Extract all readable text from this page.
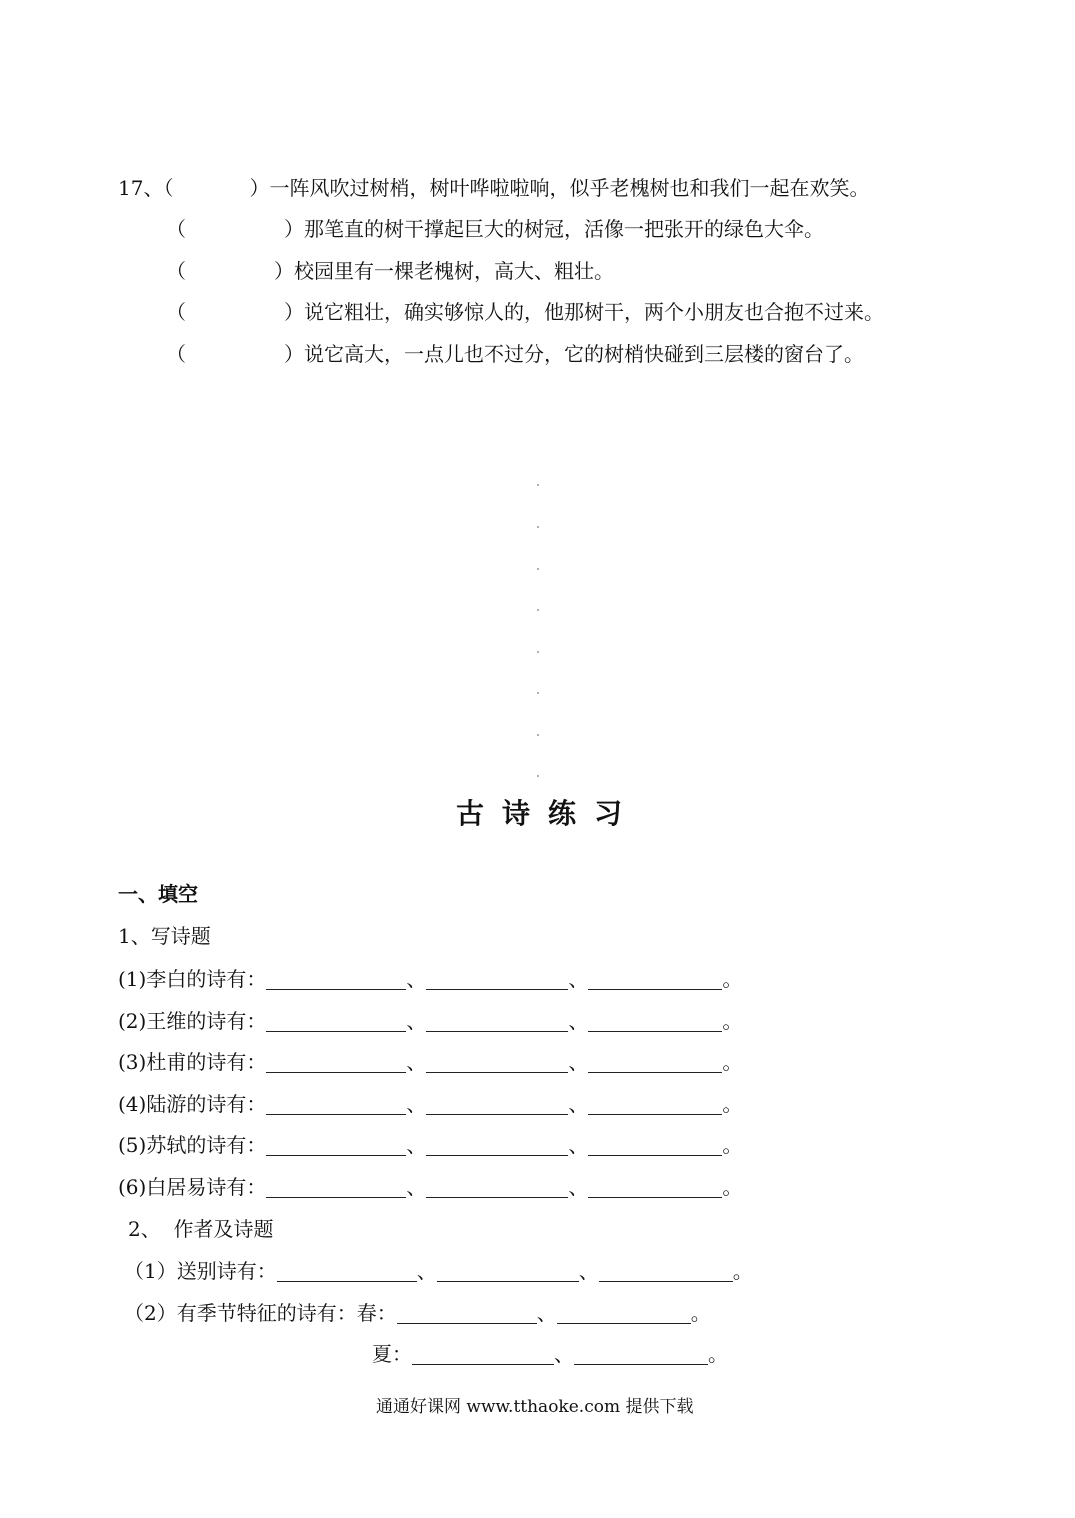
17、（	）一阵风吹过树梢，树叶哗啦啦响，似乎老槐树也和我们一起在欢笑。
（	）那笔直的树干撑起巨大的树冠，活像一把张开的绿色大伞。
（	）校园里有一棵老槐树，高大、粗壮。
（	）说它粗壮，确实够惊人的，他那树干，两个小朋友也合抱不过来。
（	）说它高大，一点儿也不过分，它的树梢快碰到三层楼的窗台了。
古诗练习
一、填空
1、写诗题
(1)李白的诗有：	、	、	。
(2)王维的诗有：	、	、	。
(3)杜甫的诗有：	、	、	。
(4)陆游的诗有：	、	、	。
(5)苏轼的诗有：	、	、	。
(6)白居易诗有：	、	、	。
2、  作者及诗题
（1）送别诗有：	、	、	。
（2）有季节特征的诗有：春：	、	。
夏：	、	。
通通好课网 www.tthaoke.com 提供下载
